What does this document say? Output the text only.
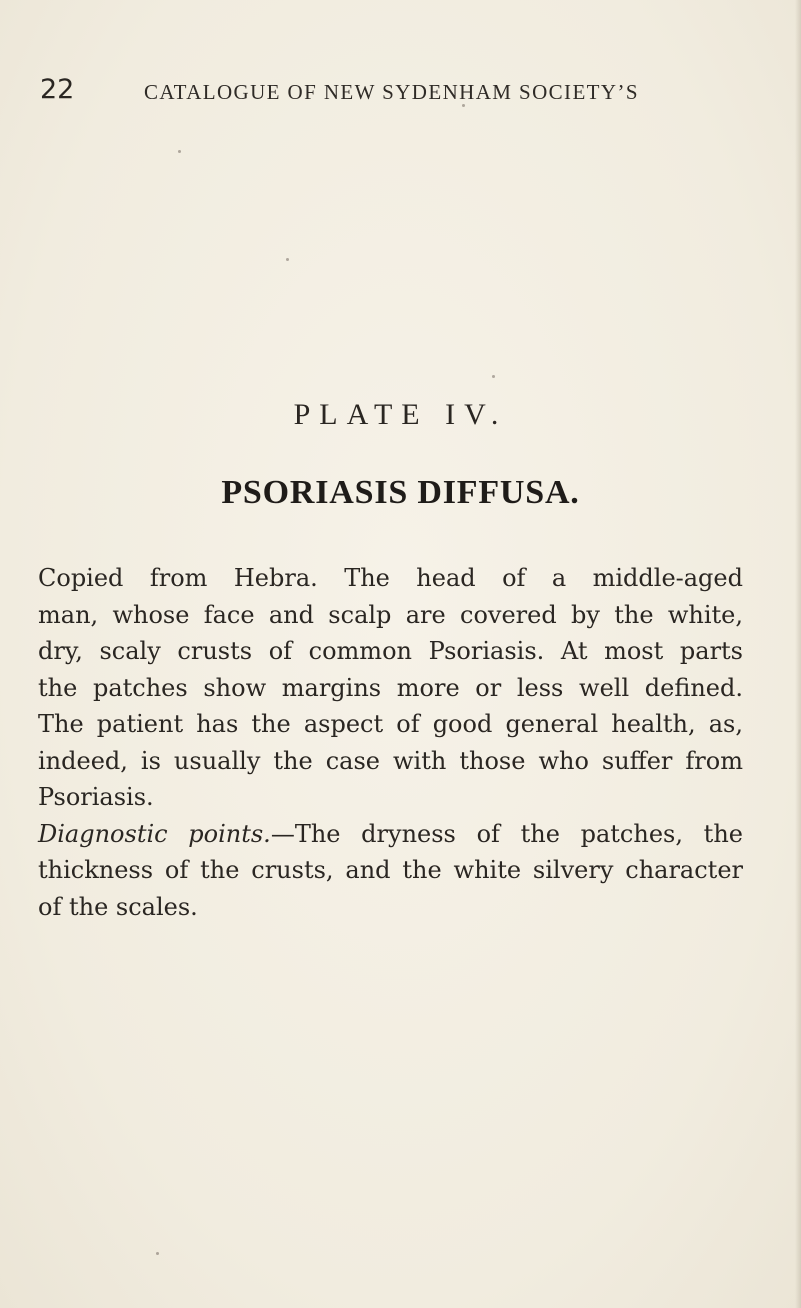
22	CATALOGUE OF NEW SYDENHAM SOCIETY’S
PLATE IV.
PSORIASIS DIFFUSA.
Copied from Hebra. The head of a middle-aged
man, whose face and scalp are covered by the white,
dry, scaly crusts of common Psoriasis. At most parts
the patches show margins more or less well defined.
The patient has the aspect of good general health, as,
indeed, is usually the case with those who suffer from
Psoriasis.
Diagnostic points.—The dryness of the patches, the
thickness of the crusts, and the white silvery character
of the scales.
